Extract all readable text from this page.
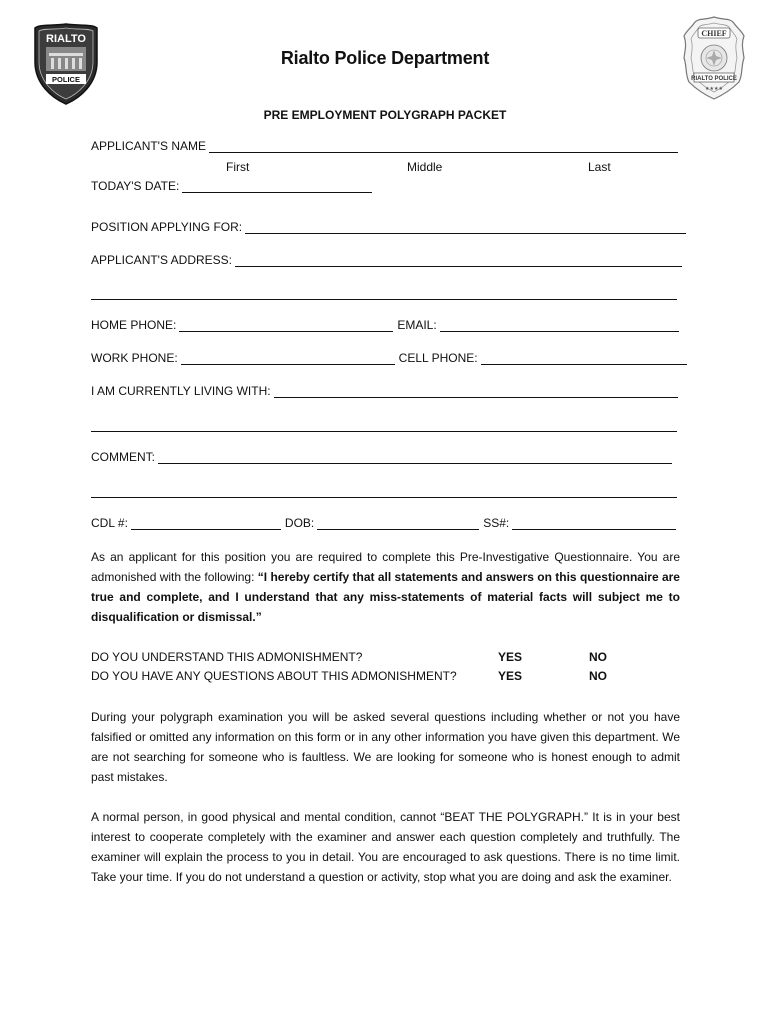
RIALTO
POLICE
CHIEF
RIALTO POLICE
★★★★
Rialto Police Department
PRE EMPLOYMENT POLYGRAPH PACKET
APPLICANT'S NAME
First	Middle	Last
TODAY'S DATE:
POSITION APPLYING FOR:
APPLICANT'S ADDRESS:
HOME PHONE:	EMAIL:
WORK PHONE:	CELL PHONE:
I AM CURRENTLY LIVING WITH:
COMMENT:
CDL #:	DOB:	SS#:
As an applicant for this position you are required to complete this Pre-Investigative Questionnaire. You are admonished with the following: “I hereby certify that all statements and answers on this questionnaire are true and complete, and I understand that any miss-statements of material facts will subject me to disqualification or dismissal.”
DO YOU UNDERSTAND THIS ADMONISHMENT?	YES	NO
DO YOU HAVE ANY QUESTIONS ABOUT THIS ADMONISHMENT?	YES	NO
During your polygraph examination you will be asked several questions including whether or not you have falsified or omitted any information on this form or in any other information you have given this department. We are not searching for someone who is faultless. We are looking for someone who is honest enough to admit past mistakes.
A normal person, in good physical and mental condition, cannot “BEAT THE POLYGRAPH.” It is in your best interest to cooperate completely with the examiner and answer each question completely and truthfully. The examiner will explain the process to you in detail. You are encouraged to ask questions. There is no time limit. Take your time. If you do not understand a question or activity, stop what you are doing and ask the examiner.
